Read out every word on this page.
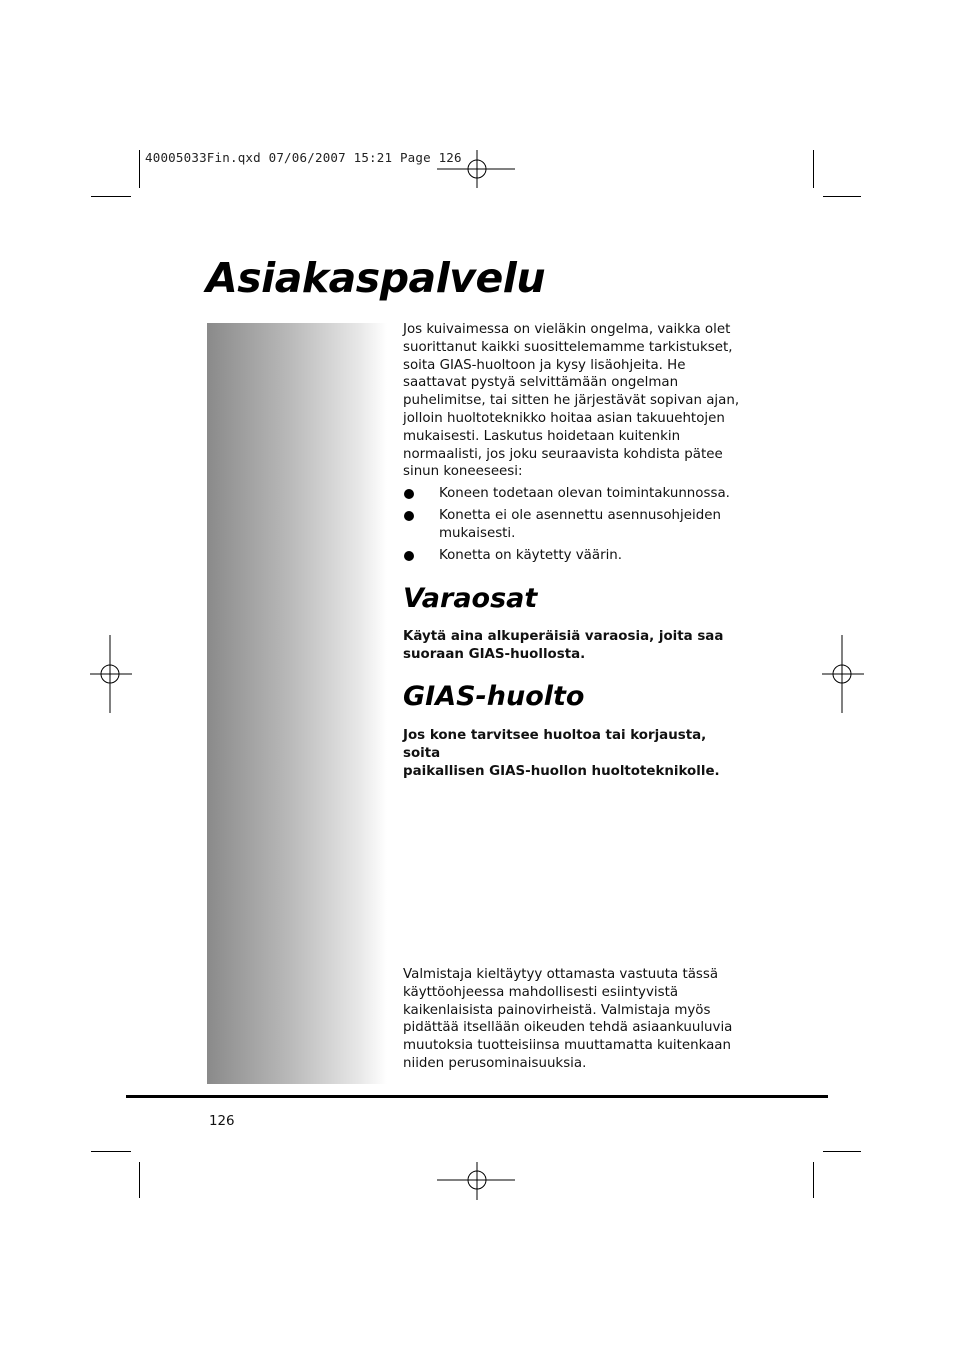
40005033Fin.qxd 07/06/2007 15:21 Page 126
Asiakaspalvelu

Jos kuivaimessa on vieläkin ongelma, vaikka olet
suorittanut kaikki suosittelemamme tarkistukset,
soita GIAS-huoltoon ja kysy lisäohjeita. He
saattavat pystyä selvittämään ongelman
puhelimitse, tai sitten he järjestävät sopivan ajan,
jolloin huoltoteknikko hoitaa asian takuuehtojen
mukaisesti. Laskutus hoidetaan kuitenkin
normaalisti, jos joku seuraavista kohdista pätee
sinun koneeseesi:

Koneen todetaan olevan toimintakunnossa.
Konetta ei ole asennettu asennusohjeiden
mukaisesti.
Konetta on käytetty väärin.
Varaosat

Käytä aina alkuperäisiä varaosia, joita saa
suoraan GIAS-huollosta.

GIAS-huolto

Jos kone tarvitsee huoltoa tai korjausta, soita
paikallisen GIAS-huollon huoltoteknikolle.

Valmistaja kieltäytyy ottamasta vastuuta tässä
käyttöohjeessa mahdollisesti esiintyvistä
kaikenlaisista painovirheistä. Valmistaja myös
pidättää itsellään oikeuden tehdä asiaankuuluvia
muutoksia tuotteisiinsa muuttamatta kuitenkaan
niiden perusominaisuuksia.

126
